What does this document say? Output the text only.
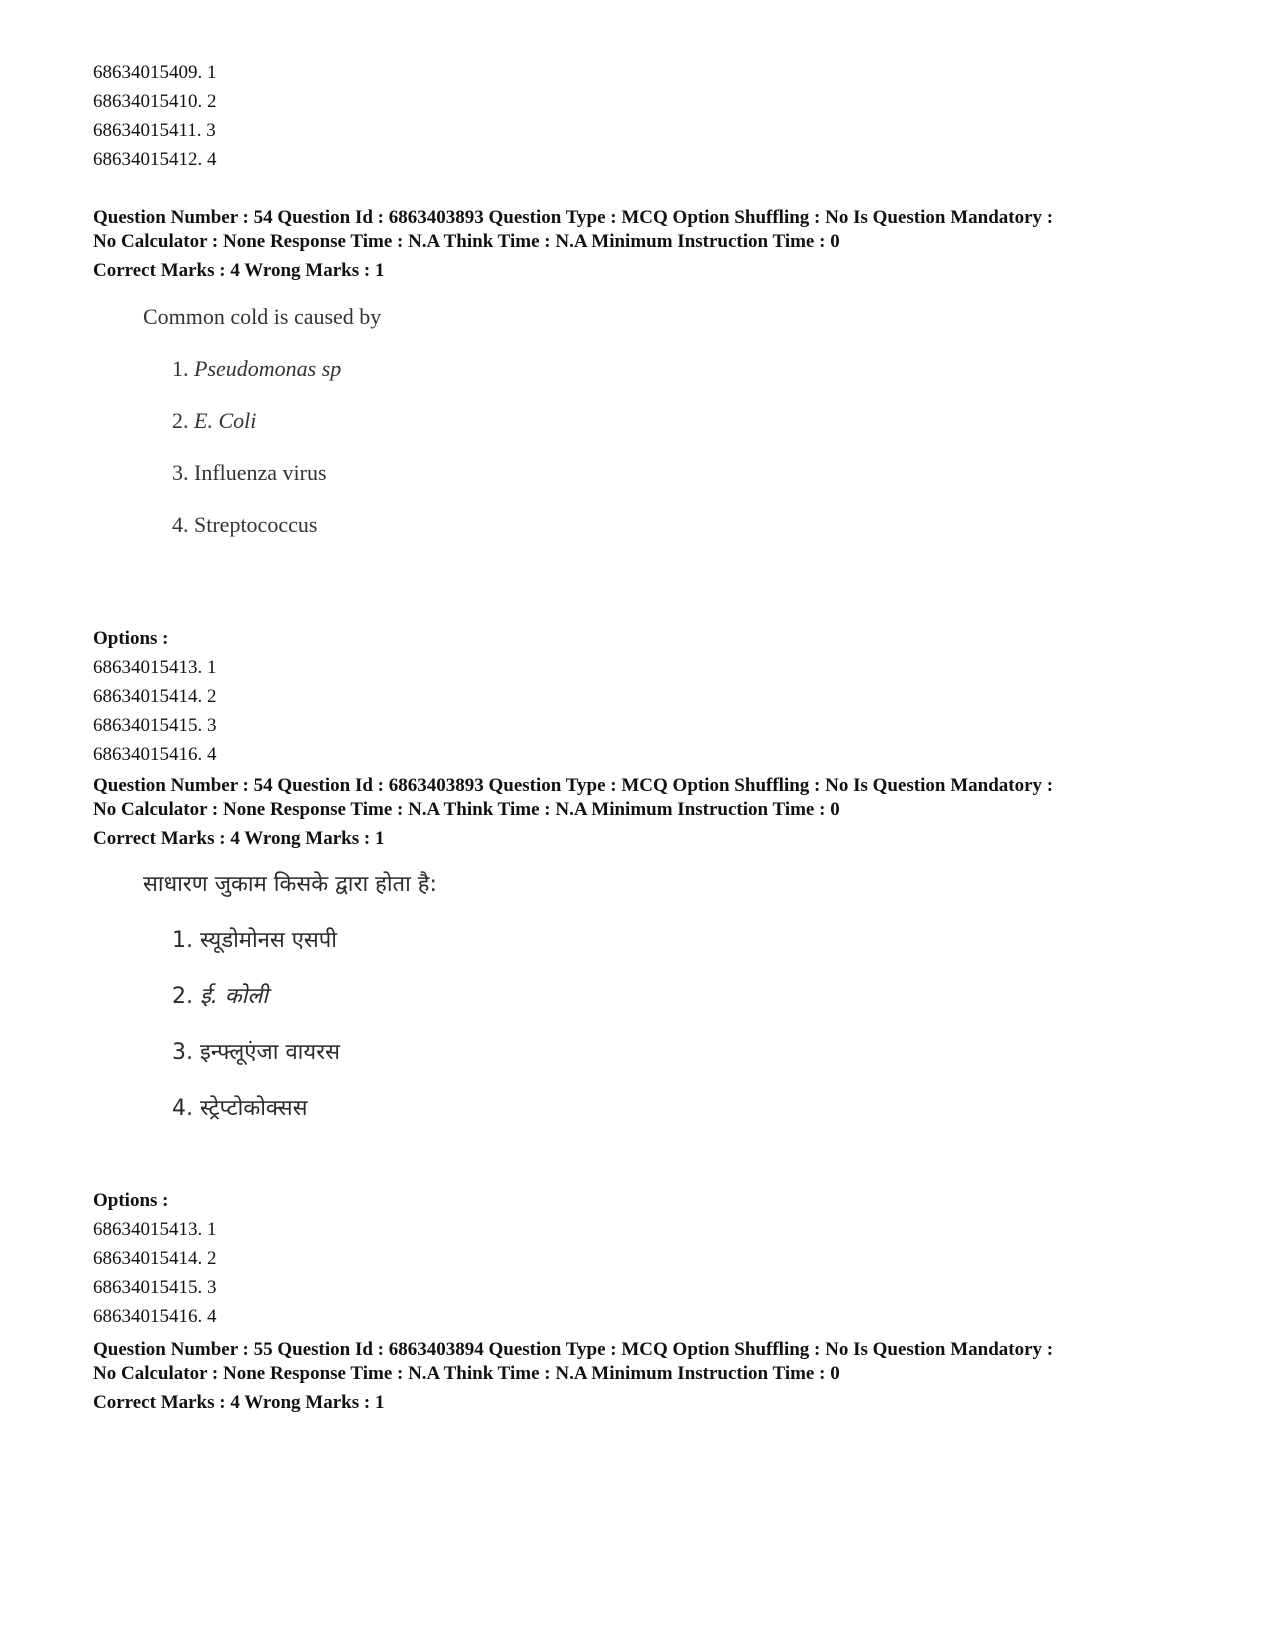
68634015409. 1
68634015410. 2
68634015411. 3
68634015412. 4
Question Number : 54 Question Id : 6863403893 Question Type : MCQ Option Shuffling : No Is Question Mandatory :
No Calculator : None Response Time : N.A Think Time : N.A Minimum Instruction Time : 0
Correct Marks : 4 Wrong Marks : 1
Common cold is caused by
1. Pseudomonas sp
2. E. Coli
3. Influenza virus
4. Streptococcus
Options :
68634015413. 1
68634015414. 2
68634015415. 3
68634015416. 4
Question Number : 54 Question Id : 6863403893 Question Type : MCQ Option Shuffling : No Is Question Mandatory :
No Calculator : None Response Time : N.A Think Time : N.A Minimum Instruction Time : 0
Correct Marks : 4 Wrong Marks : 1
साधारण जुकाम किसके द्वारा होता है:
1. स्यूडोमोनस एसपी
2. ई. कोली
3. इन्फ्लूएंजा वायरस
4. स्ट्रेप्टोकोक्सस
Options :
68634015413. 1
68634015414. 2
68634015415. 3
68634015416. 4
Question Number : 55 Question Id : 6863403894 Question Type : MCQ Option Shuffling : No Is Question Mandatory :
No Calculator : None Response Time : N.A Think Time : N.A Minimum Instruction Time : 0
Correct Marks : 4 Wrong Marks : 1
